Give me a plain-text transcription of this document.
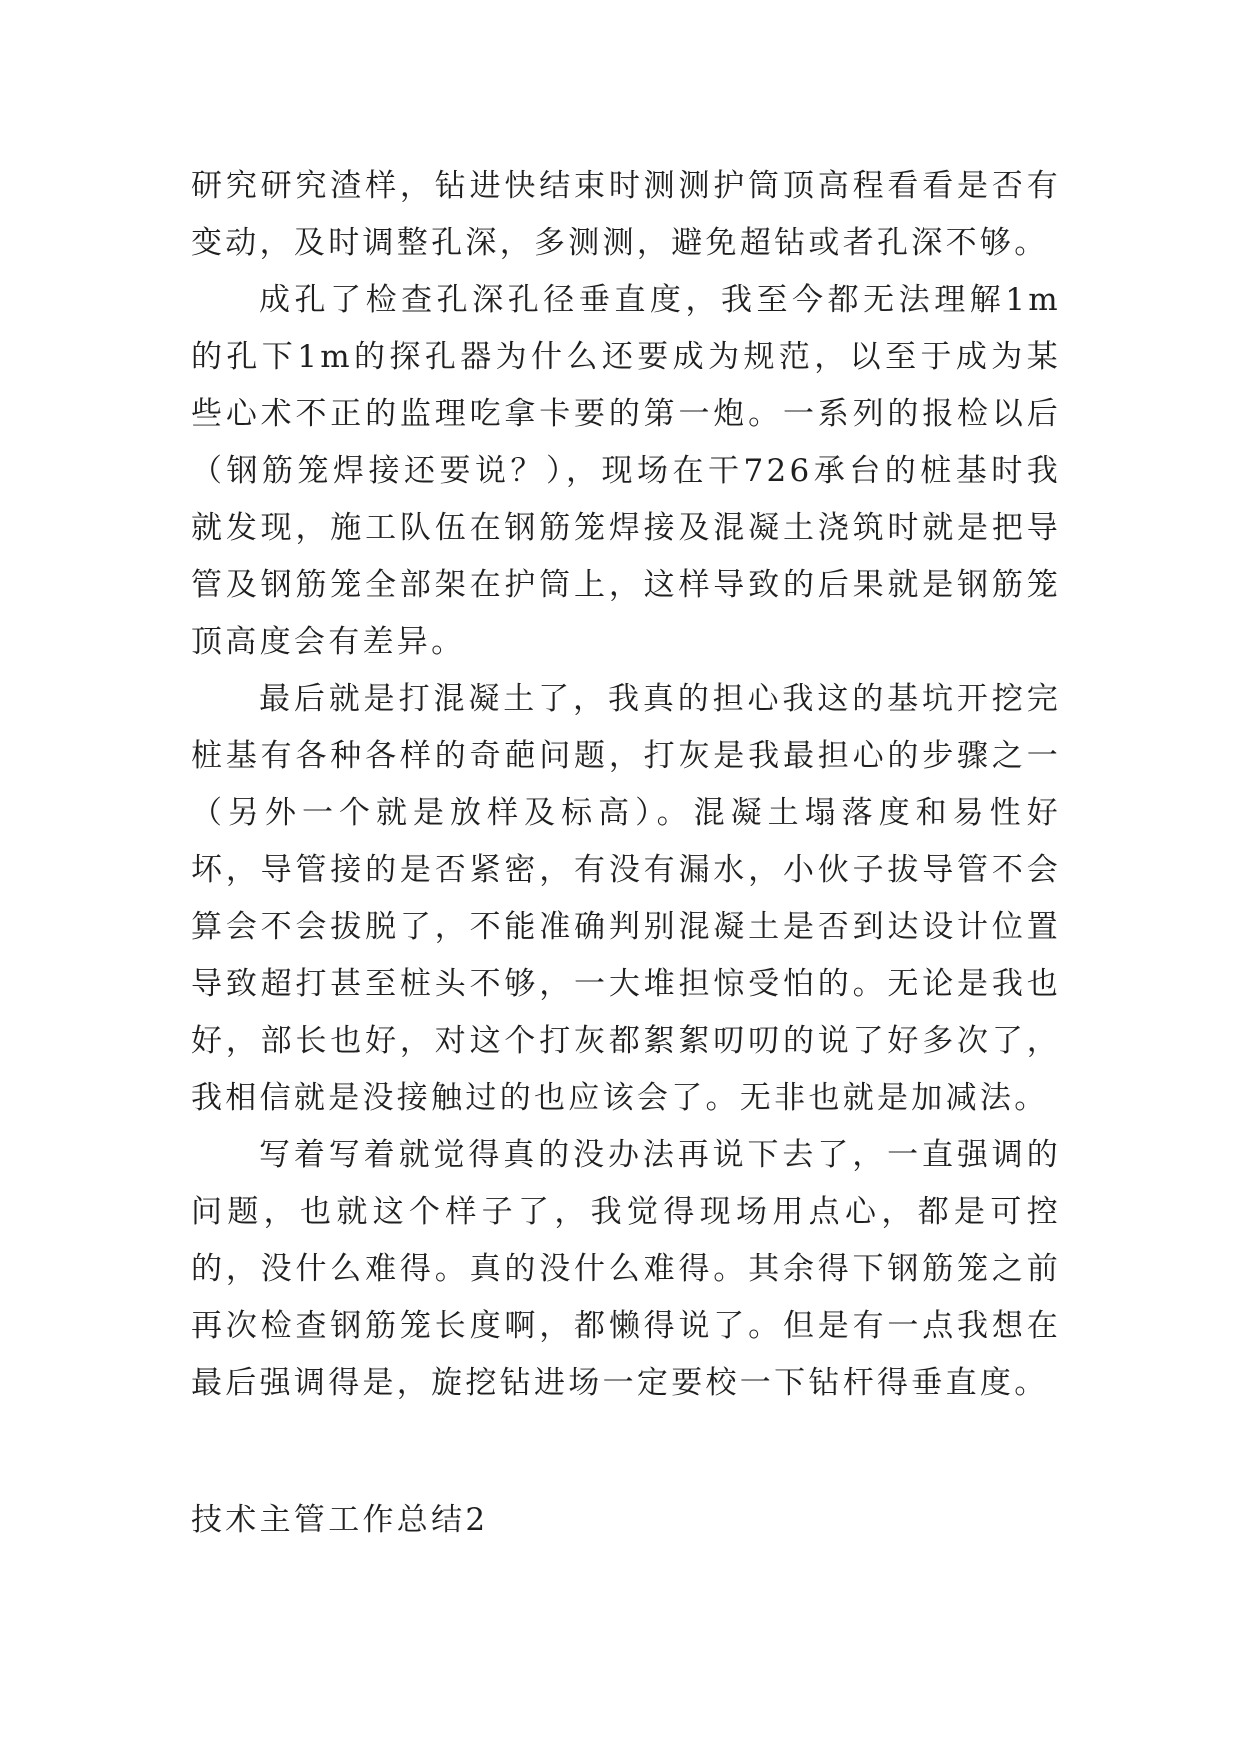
研究研究渣样，钻进快结束时测测护筒顶高程看看是否有变动，及时调整孔深，多测测，避免超钻或者孔深不够。

成孔了检查孔深孔径垂直度，我至今都无法理解1m的孔下1m的探孔器为什么还要成为规范，以至于成为某些心术不正的监理吃拿卡要的第一炮。一系列的报检以后（钢筋笼焊接还要说？），现场在干726承台的桩基时我就发现，施工队伍在钢筋笼焊接及混凝土浇筑时就是把导管及钢筋笼全部架在护筒上，这样导致的后果就是钢筋笼顶高度会有差异。

最后就是打混凝土了，我真的担心我这的基坑开挖完桩基有各种各样的奇葩问题，打灰是我最担心的步骤之一（另外一个就是放样及标高）。混凝土塌落度和易性好坏，导管接的是否紧密，有没有漏水，小伙子拔导管不会算会不会拔脱了，不能准确判别混凝土是否到达设计位置导致超打甚至桩头不够，一大堆担惊受怕的。无论是我也好，部长也好，对这个打灰都絮絮叨叨的说了好多次了，我相信就是没接触过的也应该会了。无非也就是加减法。

写着写着就觉得真的没办法再说下去了，一直强调的问题，也就这个样子了，我觉得现场用点心，都是可控的，没什么难得。真的没什么难得。其余得下钢筋笼之前再次检查钢筋笼长度啊，都懒得说了。但是有一点我想在最后强调得是，旋挖钻进场一定要校一下钻杆得垂直度。

技术主管工作总结2
